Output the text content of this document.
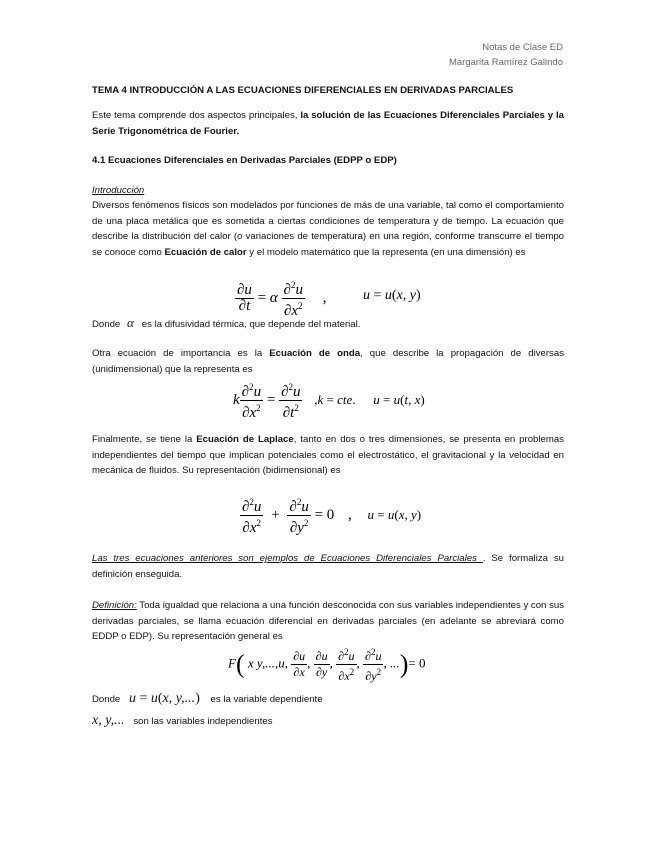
Notas de Clase ED
Margarita Ramírez Galindo

TEMA 4 INTRODUCCIÓN A LAS ECUACIONES DIFERENCIALES EN DERIVADAS PARCIALES

Este tema comprende dos aspectos principales, la solución de las Ecuaciones Diferenciales Parciales y la Serie Trigonométrica de Fourier.

4.1 Ecuaciones Diferenciales en Derivadas Parciales (EDPP o EDP)

Introducción

Diversos fenómenos físicos son modelados por funciones de más de una variable, tal como el comportamiento de una placa metálica que es sometida a ciertas condiciones de temperatura y de tiempo. La ecuación que describe la distribución del calor (o variaciones de temperatura) en una región, conforme transcurre el tiempo se conoce como Ecuación de calor y el modelo matemático que la representa (en una dimensión) es

$\frac{\partial u}{\partial t} = \alpha \frac{\partial^2u}{\partial x^2}$ ,	u = u(x, y)

Donde α es la difusividad térmica, que depende del material.

Otra ecuación de importancia es la Ecuación de onda, que describe la propagación de diversas (unidimensional) que la representa es

k $\frac{\partial^2u}{\partial x^2} = \frac{\partial^2u}{\partial t^2} ,k$ = cte. u = u(t, x)

Finalmente, se tiene la Ecuación de Laplace, tanto en dos o tres dimensiones, se presenta en problemas independientes del tiempo que implican potenciales como el electrostático, el gravitacional y la velocidad en mecánica de fluidos. Su representación (bidimensional) es

$\frac{\partial^2u}{\partial x^2} + \frac{\partial^2u}{\partial y^2} = 0$ , u = u(x, y)

Las tres ecuaciones anteriores son ejemplos de Ecuaciones Diferenciales Parciales . Se formaliza su definición enseguida.

Definición: Toda igualdad que relaciona a una función desconocida con sus variables independientes y con sus derivadas parciales, se llama ecuación diferencial en derivadas parciales (en adelante se abreviará como EDDP o EDP). Su representación general es

F( x y,...,u, $\frac{\partial u}{\partial x}$ , $\frac{\partial u}{\partial y}$ , $\frac{\partial^2u}{\partial x^2}$ , $\frac{\partial^2u}{\partial y^2}$ , ...)= 0
Donde u = u(x, y,...) es la variable dependiente
x, y,... son las variables independientes
